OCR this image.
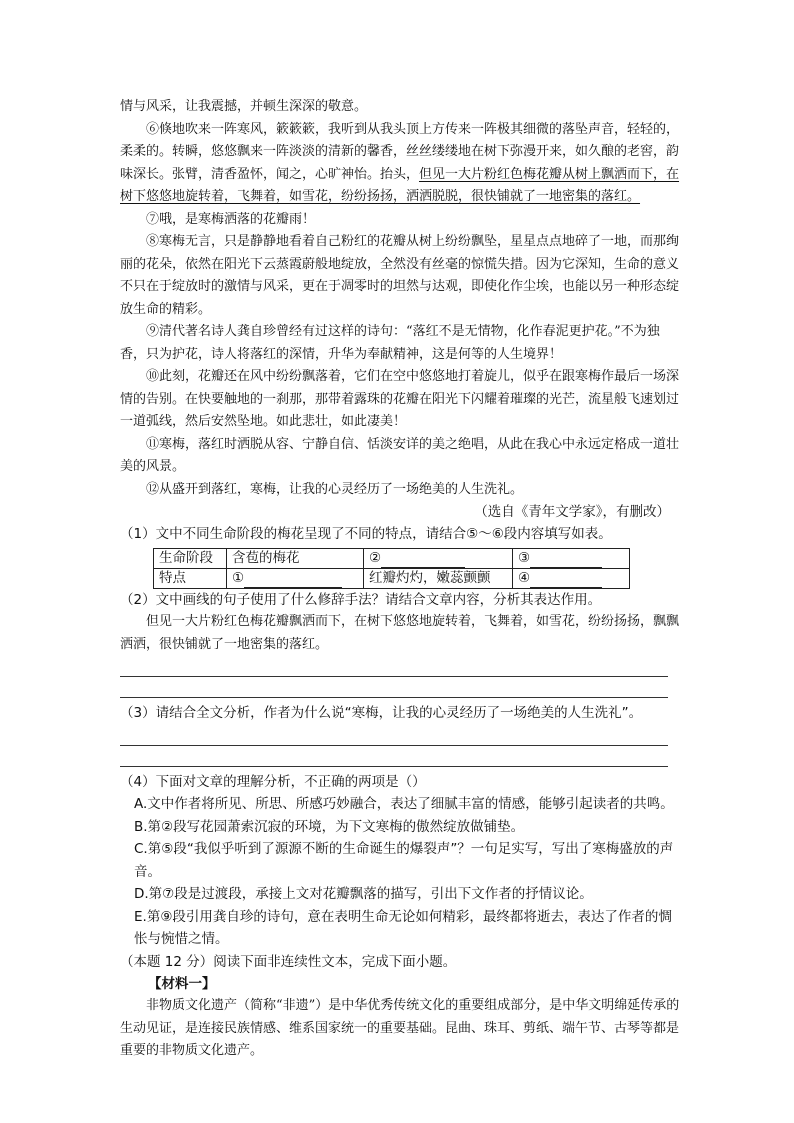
情与风采，让我震撼，并顿生深深的敬意。

⑥倏地吹来一阵寒风，簌簌簌，我听到从我头顶上方传来一阵极其细微的落坠声音，轻轻的，柔柔的。转瞬，悠悠飘来一阵淡淡的清新的馨香，丝丝缕缕地在树下弥漫开来，如久酿的老窖，韵味深长。张臂，清香盈怀，闻之，心旷神怡。抬头，但见一大片粉红色梅花瓣从树上飘洒而下，在树下悠悠地旋转着，飞舞着，如雪花，纷纷扬扬，洒洒脱脱，很快铺就了一地密集的落红。

⑦哦，是寒梅洒落的花瓣雨！

⑧寒梅无言，只是静静地看着自己粉红的花瓣从树上纷纷飘坠，星星点点地碎了一地，而那绚丽的花朵，依然在阳光下云蒸霞蔚般地绽放，全然没有丝毫的惊慌失措。因为它深知，生命的意义不只在于绽放时的激情与风采，更在于凋零时的坦然与达观，即使化作尘埃，也能以另一种形态绽放生命的精彩。

⑨清代著名诗人龚自珍曾经有过这样的诗句：“落红不是无情物，化作春泥更护花。”不为独香，只为护花，诗人将落红的深情，升华为奉献精神，这是何等的人生境界！

⑩此刻，花瓣还在风中纷纷飘落着，它们在空中悠悠地打着旋儿，似乎在跟寒梅作最后一场深情的告别。在快要触地的一刹那，那带着露珠的花瓣在阳光下闪耀着璀璨的光芒，流星般飞速划过一道弧线，然后安然坠地。如此悲壮，如此凄美！

⑪寒梅，落红时洒脱从容、宁静自信、恬淡安详的美之绝唱，从此在我心中永远定格成一道壮美的风景。

⑫从盛开到落红，寒梅，让我的心灵经历了一场绝美的人生洗礼。

（选自《青年文学家》，有删改）

（1）文中不同生命阶段的梅花呈现了不同的特点，请结合⑤～⑥段内容填写如表。

生命阶段	含苞的梅花	②	③
特点	①	红瓣灼灼，嫩蕊颤颤	④

（2）文中画线的句子使用了什么修辞手法？请结合文章内容，分析其表达作用。

但见一大片粉红色梅花瓣飘洒而下，在树下悠悠地旋转着，飞舞着，如雪花，纷纷扬扬，飘飘洒洒，很快铺就了一地密集的落红。

（3）请结合全文分析，作者为什么说“寒梅，让我的心灵经历了一场绝美的人生洗礼”。

（4）下面对文章的理解分析，不正确的两项是（）

A.文中作者将所见、所思、所感巧妙融合，表达了细腻丰富的情感，能够引起读者的共鸣。

B.第②段写花园萧索沉寂的环境，为下文寒梅的傲然绽放做铺垫。

C.第⑤段“我似乎听到了源源不断的生命诞生的爆裂声”？一句足实写，写出了寒梅盛放的声音。

D.第⑦段是过渡段，承接上文对花瓣飘落的描写，引出下文作者的抒情议论。

E.第⑨段引用龚自珍的诗句，意在表明生命无论如何精彩，最终都将逝去，表达了作者的惆怅与惋惜之情。

（本题 12 分）阅读下面非连续性文本，完成下面小题。

【材料一】

非物质文化遗产（简称“非遗”）是中华优秀传统文化的重要组成部分，是中华文明绵延传承的生动见证，是连接民族情感、维系国家统一的重要基础。昆曲、珠耳、剪纸、端午节、古琴等都是重要的非物质文化遗产。
